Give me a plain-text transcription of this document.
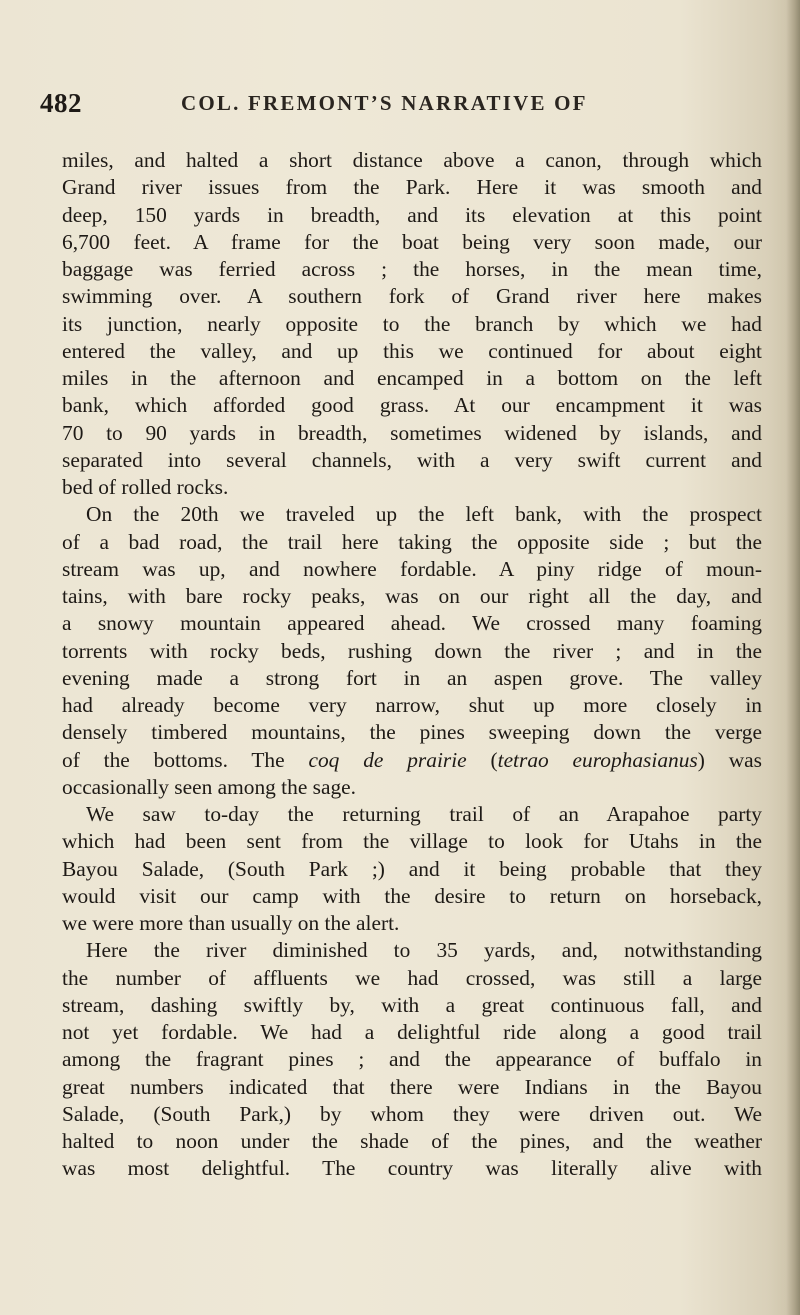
482	COL. FREMONT’S NARRATIVE OF
miles, and halted a short distance above a canon, through which
Grand river issues from the Park. Here it was smooth and
deep, 150 yards in breadth, and its elevation at this point
6,700 feet. A frame for the boat being very soon made, our
baggage was ferried across ; the horses, in the mean time,
swimming over. A southern fork of Grand river here makes
its junction, nearly opposite to the branch by which we had
entered the valley, and up this we continued for about eight
miles in the afternoon and encamped in a bottom on the left
bank, which afforded good grass. At our encampment it was
70 to 90 yards in breadth, sometimes widened by islands, and
separated into several channels, with a very swift current and
bed of rolled rocks.
On the 20th we traveled up the left bank, with the prospect
of a bad road, the trail here taking the opposite side ; but the
stream was up, and nowhere fordable. A piny ridge of moun-
tains, with bare rocky peaks, was on our right all the day, and
a snowy mountain appeared ahead. We crossed many foaming
torrents with rocky beds, rushing down the river ; and in the
evening made a strong fort in an aspen grove. The valley
had already become very narrow, shut up more closely in
densely timbered mountains, the pines sweeping down the verge
of the bottoms. The coq de prairie (tetrao europhasianus) was
occasionally seen among the sage.
We saw to-day the returning trail of an Arapahoe party
which had been sent from the village to look for Utahs in the
Bayou Salade, (South Park ;) and it being probable that they
would visit our camp with the desire to return on horseback,
we were more than usually on the alert.
Here the river diminished to 35 yards, and, notwithstanding
the number of affluents we had crossed, was still a large
stream, dashing swiftly by, with a great continuous fall, and
not yet fordable. We had a delightful ride along a good trail
among the fragrant pines ; and the appearance of buffalo in
great numbers indicated that there were Indians in the Bayou
Salade, (South Park,) by whom they were driven out. We
halted to noon under the shade of the pines, and the weather
was most delightful. The country was literally alive with
